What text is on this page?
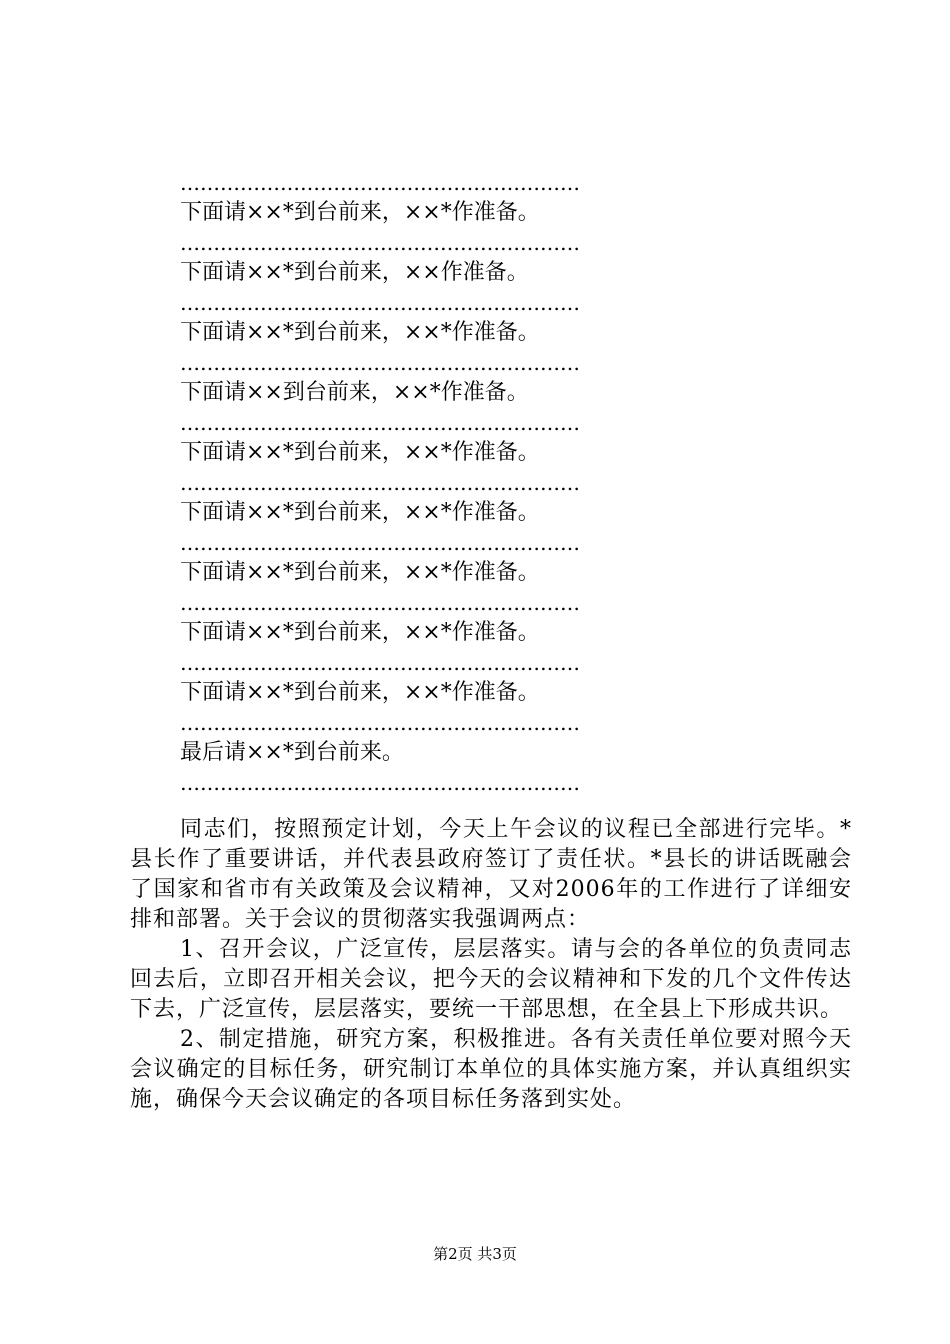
……………………………………………………
下面请××*到台前来，××*作准备。
……………………………………………………
下面请××*到台前来，××作准备。
……………………………………………………
下面请××*到台前来，××*作准备。
……………………………………………………
下面请××到台前来，××*作准备。
……………………………………………………
下面请××*到台前来，××*作准备。
……………………………………………………
下面请××*到台前来，××*作准备。
……………………………………………………
下面请××*到台前来，××*作准备。
……………………………………………………
下面请××*到台前来，××*作准备。
……………………………………………………
下面请××*到台前来，××*作准备。
……………………………………………………
最后请××*到台前来。
……………………………………………………

同志们，按照预定计划，今天上午会议的议程已全部进行完毕。*县长作了重要讲话，并代表县政府签订了责任状。*县长的讲话既融会了国家和省市有关政策及会议精神，又对2006年的工作进行了详细安排和部署。关于会议的贯彻落实我强调两点：

1、召开会议，广泛宣传，层层落实。请与会的各单位的负责同志回去后，立即召开相关会议，把今天的会议精神和下发的几个文件传达下去，广泛宣传，层层落实，要统一干部思想，在全县上下形成共识。

2、制定措施，研究方案，积极推进。各有关责任单位要对照今天会议确定的目标任务，研究制订本单位的具体实施方案，并认真组织实施，确保今天会议确定的各项目标任务落到实处。

第2页 共3页
